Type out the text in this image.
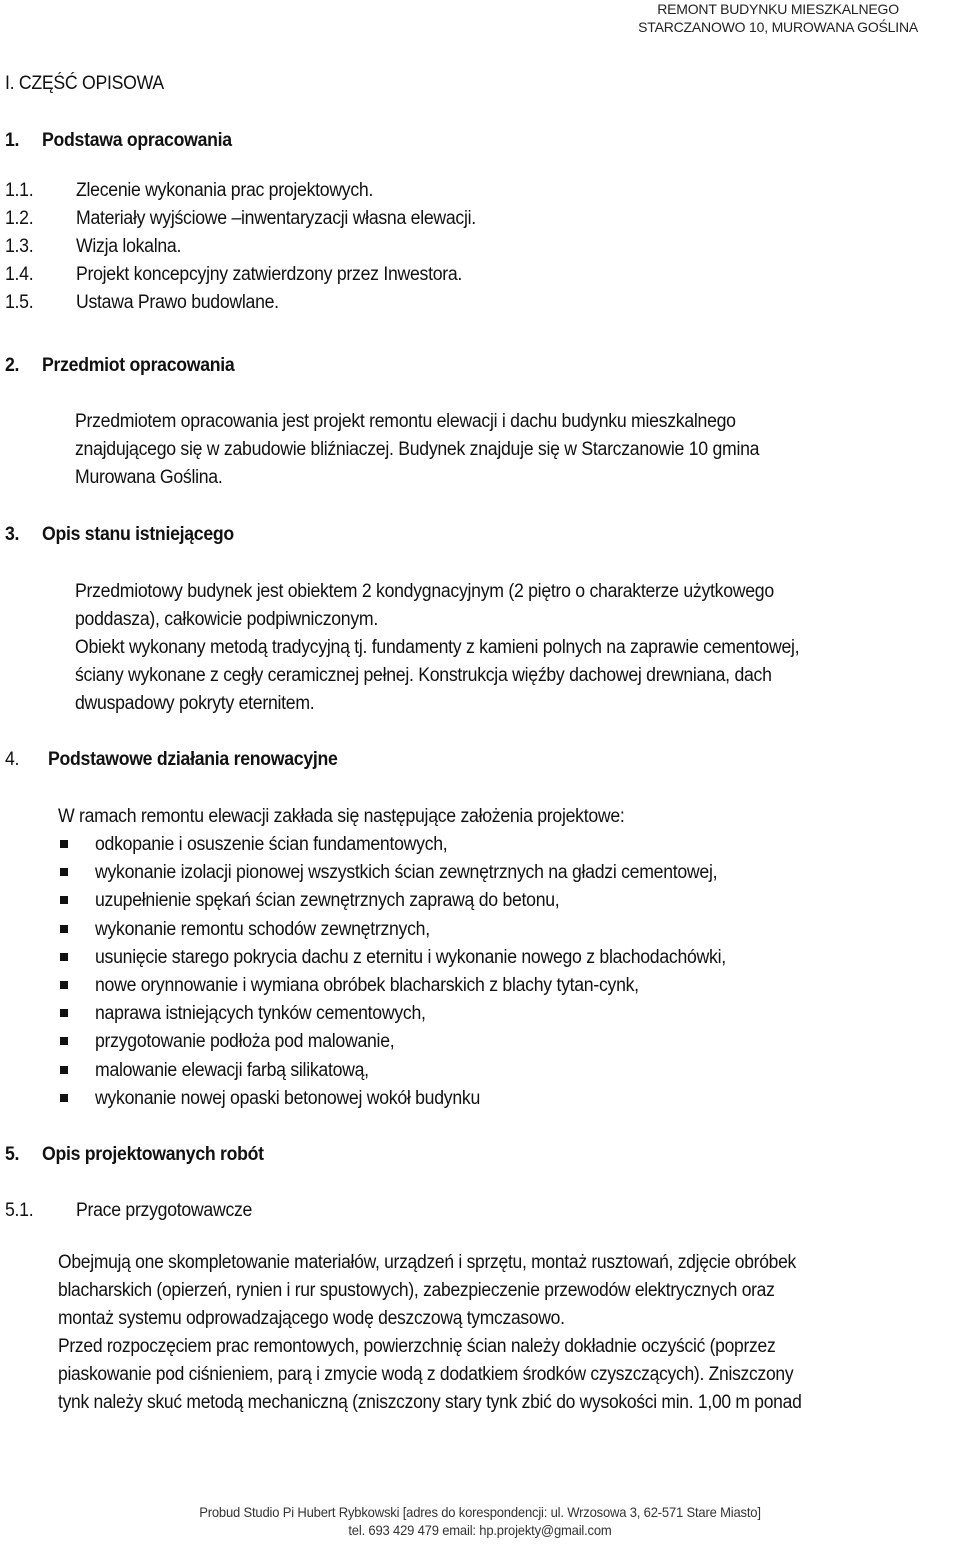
REMONT BUDYNKU MIESZKALNEGO
STARCZANOWO 10, MUROWANA GOŚLINA
I. CZĘŚĆ OPISOWA
1. Podstawa opracowania
1.1. Zlecenie wykonania prac projektowych.
1.2. Materiały wyjściowe –inwentaryzacji własna elewacji.
1.3. Wizja lokalna.
1.4. Projekt koncepcyjny zatwierdzony przez Inwestora.
1.5. Ustawa Prawo budowlane.
2. Przedmiot opracowania
Przedmiotem opracowania jest projekt remontu elewacji i dachu budynku mieszkalnego
znajdującego się w zabudowie bliźniaczej. Budynek znajduje się w Starczanowie 10 gmina
Murowana Goślina.
3. Opis stanu istniejącego
Przedmiotowy budynek jest obiektem 2 kondygnacyjnym (2 piętro o charakterze użytkowego
poddasza), całkowicie podpiwniczonym.
Obiekt wykonany metodą tradycyjną tj. fundamenty z kamieni polnych na zaprawie cementowej,
ściany wykonane z cegły ceramicznej pełnej. Konstrukcja więźby dachowej drewniana, dach
dwuspadowy pokryty eternitem.
4. Podstawowe działania renowacyjne
W ramach remontu elewacji zakłada się następujące założenia projektowe:
odkopanie i osuszenie ścian fundamentowych,
wykonanie izolacji pionowej wszystkich ścian zewnętrznych na gładzi cementowej,
uzupełnienie spękań ścian zewnętrznych zaprawą do betonu,
wykonanie remontu schodów zewnętrznych,
usunięcie starego pokrycia dachu z eternitu i wykonanie nowego z blachodachówki,
nowe orynnowanie i wymiana obróbek blacharskich z blachy tytan-cynk,
naprawa istniejących tynków cementowych,
przygotowanie podłoża pod malowanie,
malowanie elewacji farbą silikatową,
wykonanie nowej opaski betonowej wokół budynku
5. Opis projektowanych robót
5.1. Prace przygotowawcze
Obejmują one skompletowanie materiałów, urządzeń i sprzętu, montaż rusztowań, zdjęcie obróbek
blacharskich (opierzeń, rynien i rur spustowych), zabezpieczenie przewodów elektrycznych oraz
montaż systemu odprowadzającego wodę deszczową tymczasowo.
Przed rozpoczęciem prac remontowych, powierzchnię ścian należy dokładnie oczyścić (poprzez
piaskowanie pod ciśnieniem, parą i zmycie wodą z dodatkiem środków czyszczących). Zniszczony
tynk należy skuć metodą mechaniczną (zniszczony stary tynk zbić do wysokości min. 1,00 m ponad
Probud Studio Pi Hubert Rybkowski [adres do korespondencji: ul. Wrzosowa 3, 62-571 Stare Miasto]
tel. 693 429 479 email: hp.projekty@gmail.com
